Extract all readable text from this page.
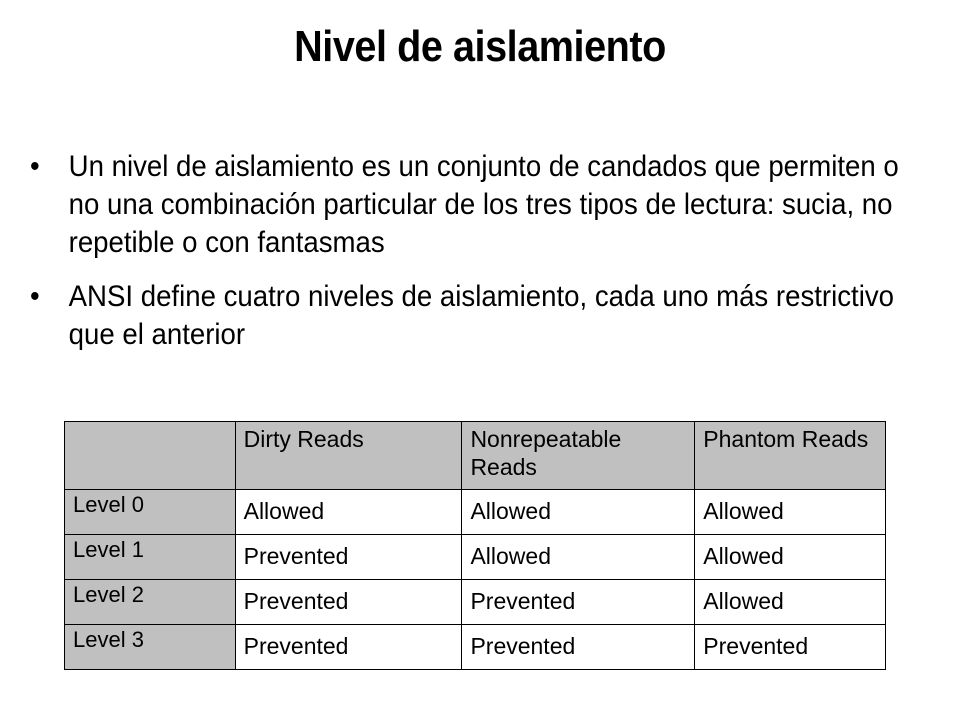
Nivel de aislamiento
• Un nivel de aislamiento es un conjunto de candados que permiten o no una combinación particular de los tres tipos de lectura: sucia, no repetible o con fantasmas
• ANSI define cuatro niveles de aislamiento, cada uno más restrictivo que el anterior
	Dirty Reads	Nonrepeatable Reads	Phantom Reads
Level 0	Allowed	Allowed	Allowed
Level 1	Prevented	Allowed	Allowed
Level 2	Prevented	Prevented	Allowed
Level 3	Prevented	Prevented	Prevented
